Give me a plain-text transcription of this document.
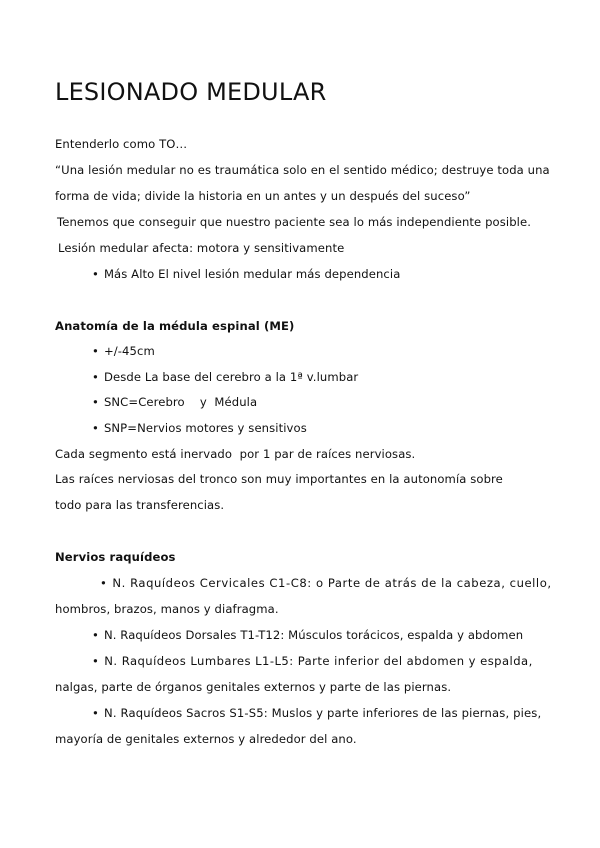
LESIONADO MEDULAR
Entenderlo como TO…
“Una lesión medular no es traumática solo en el sentido médico; destruye toda una
forma de vida; divide la historia en un antes y un después del suceso”
Tenemos que conseguir que nuestro paciente sea lo más independiente posible.
Lesión medular afecta: motora y sensitivamente
• Más Alto El nivel lesión medular más dependencia
Anatomía de la médula espinal (ME)
• +/-45cm
• Desde La base del cerebro a la 1ª v.lumbar
• SNC=Cerebro    y  Médula
• SNP=Nervios motores y sensitivos
Cada segmento está inervado  por 1 par de raíces nerviosas.
Las raíces nerviosas del tronco son muy importantes en la autonomía sobre
todo para las transferencias.
Nervios raquídeos
• N. Raquídeos Cervicales C1-C8: o Parte de atrás de la cabeza, cuello,
hombros, brazos, manos y diafragma.
• N. Raquídeos Dorsales T1-T12: Músculos torácicos, espalda y abdomen
• N. Raquídeos Lumbares L1-L5: Parte inferior del abdomen y espalda,
nalgas, parte de órganos genitales externos y parte de las piernas.
• N. Raquídeos Sacros S1-S5: Muslos y parte inferiores de las piernas, pies,
mayoría de genitales externos y alrededor del ano.
